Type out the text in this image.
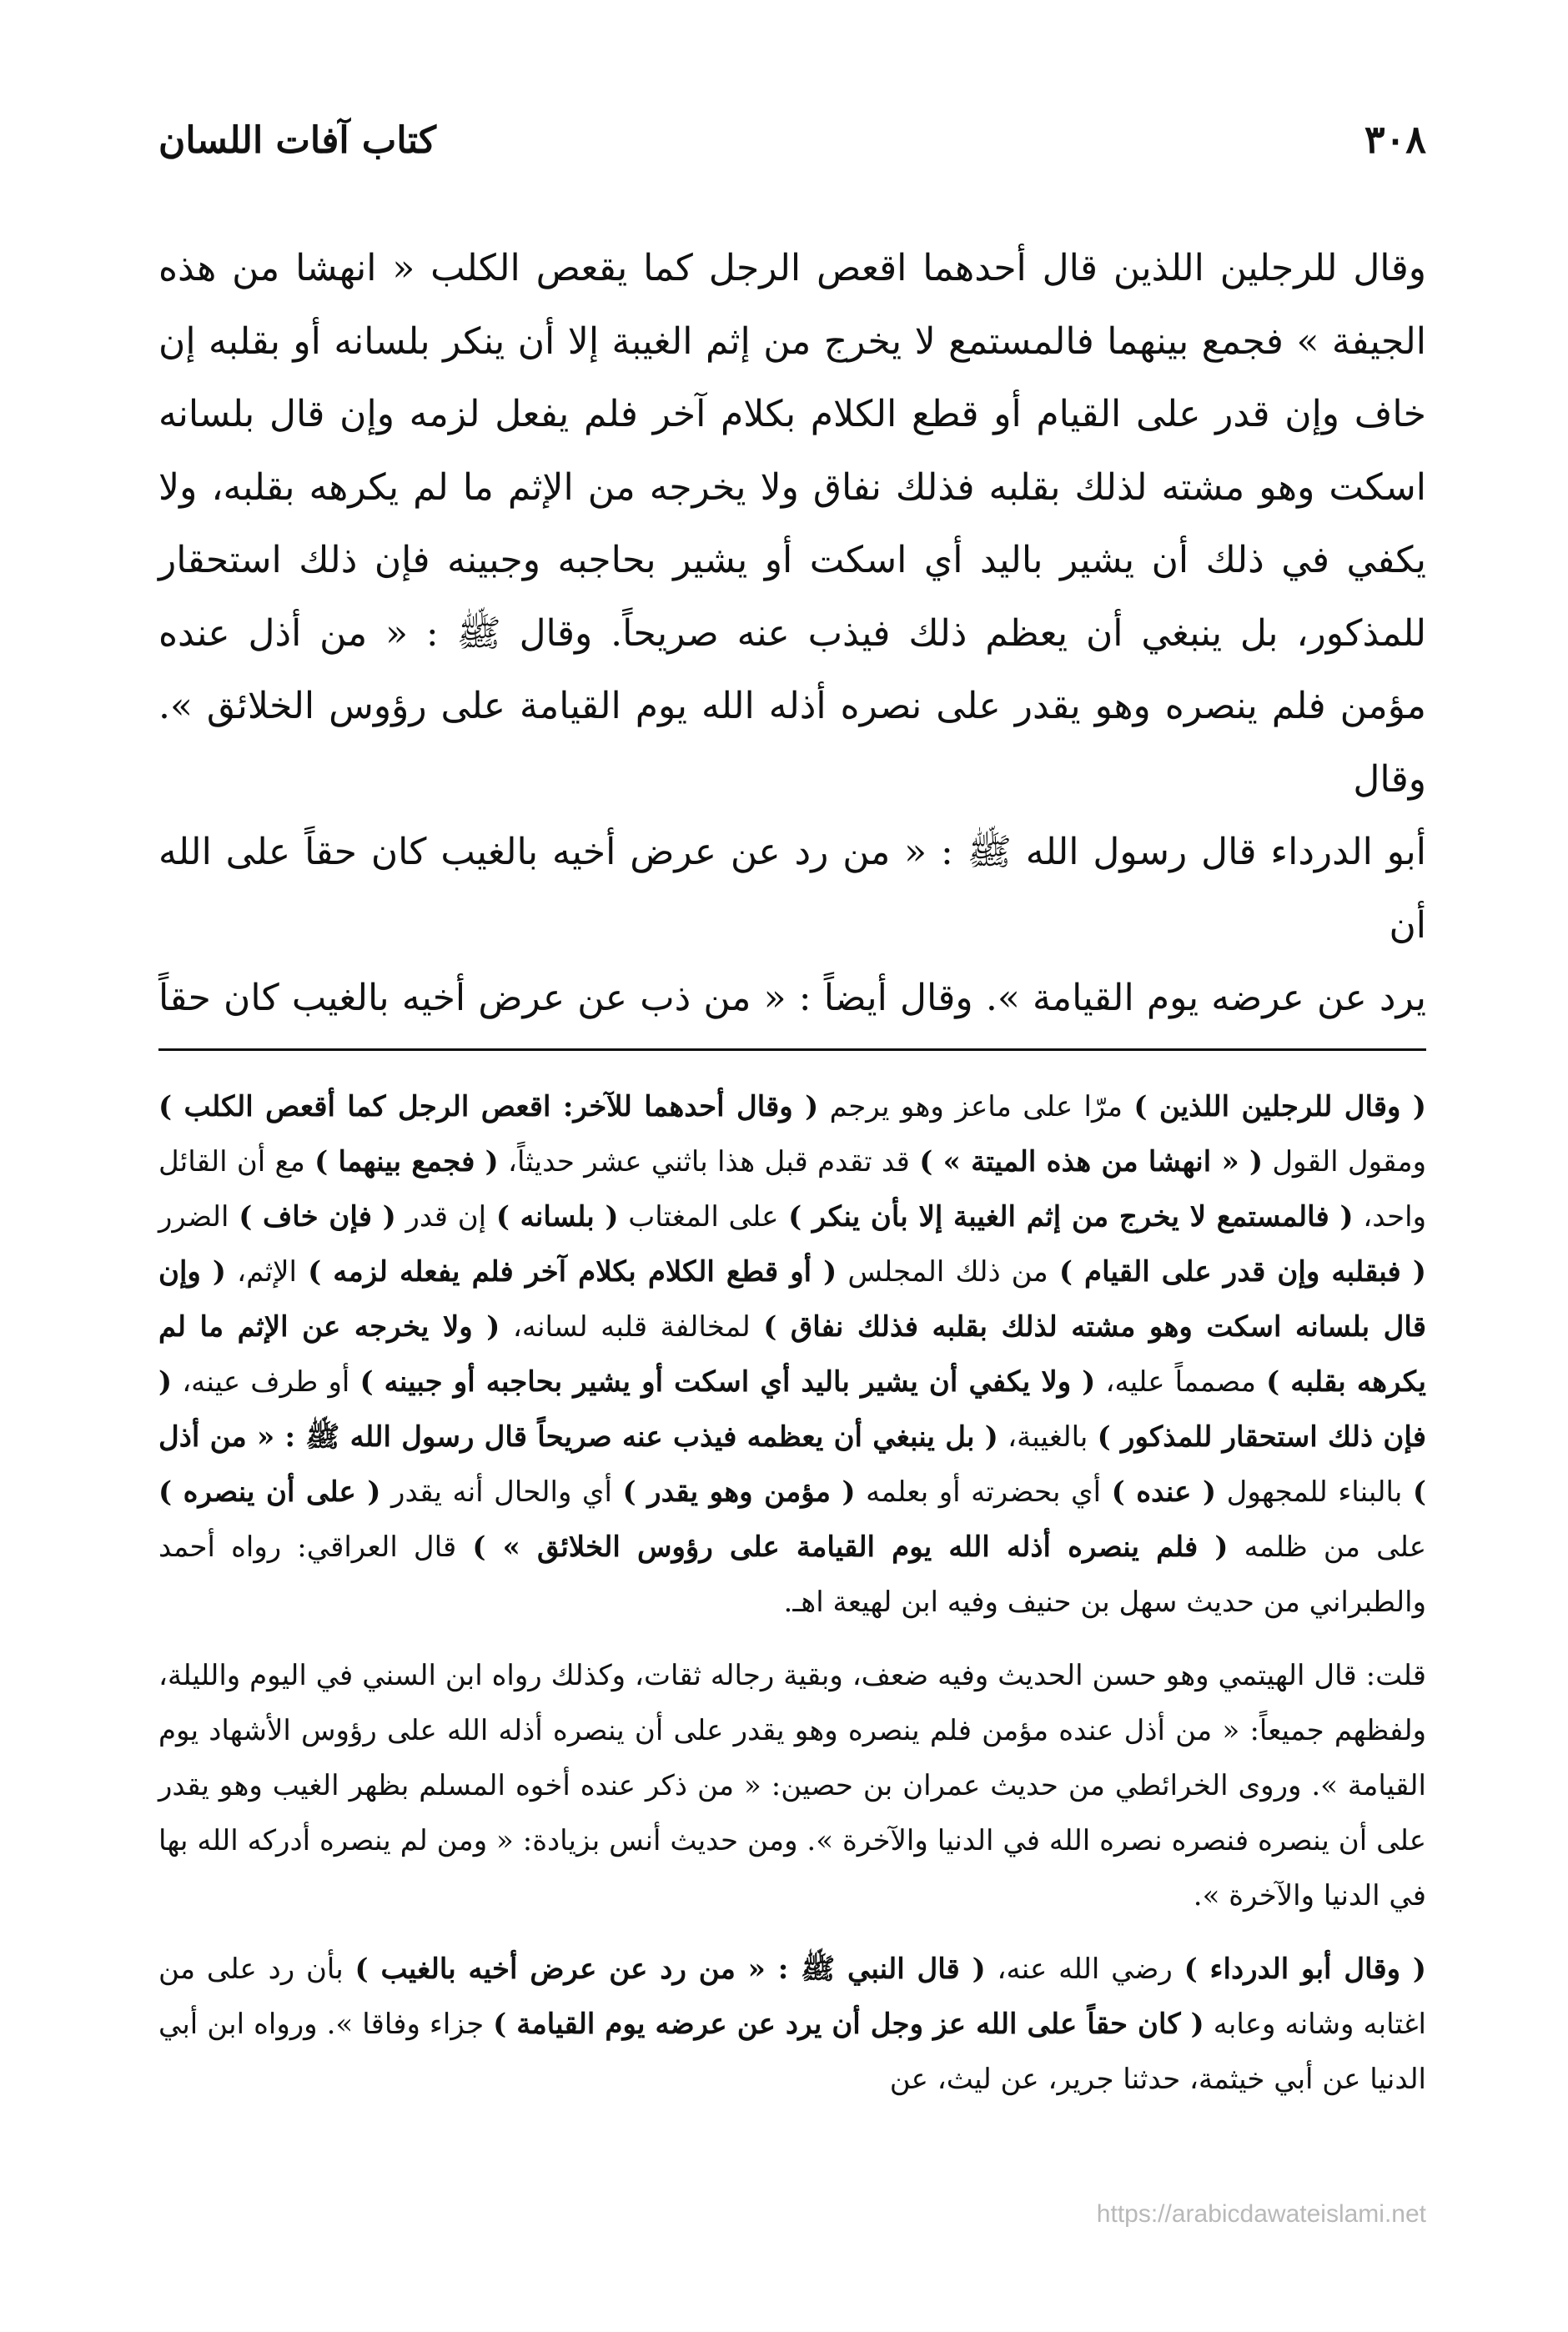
٣٠٨
كتاب آفات اللسان

وقال للرجلين اللذين قال أحدهما اقعص الرجل كما يقعص الكلب « انهشا من هذه

الجيفة » فجمع بينهما فالمستمع لا يخرج من إثم الغيبة إلا أن ينكر بلسانه أو بقلبه إن

خاف وإن قدر على القيام أو قطع الكلام بكلام آخر فلم يفعل لزمه وإن قال بلسانه

اسكت وهو مشته لذلك بقلبه فذلك نفاق ولا يخرجه من الإثم ما لم يكرهه بقلبه، ولا

يكفي في ذلك أن يشير باليد أي اسكت أو يشير بحاجبه وجبينه فإن ذلك استحقار

للمذكور، بل ينبغي أن يعظم ذلك فيذب عنه صريحاً. وقال ﷺ : « من أذل عنده

مؤمن فلم ينصره وهو يقدر على نصره أذله الله يوم القيامة على رؤوس الخلائق ». وقال

أبو الدرداء قال رسول الله ﷺ : « من رد عن عرض أخيه بالغيب كان حقاً على الله أن

يرد عن عرضه يوم القيامة ». وقال أيضاً : « من ذب عن عرض أخيه بالغيب كان حقاً

( وقال للرجلين اللذين ) مرّا على ماعز وهو يرجم ( وقال أحدهما للآخر: اقعص الرجل كما أقعص الكلب ) ومقول القول ( « انهشا من هذه الميتة » ) قد تقدم قبل هذا باثني عشر حديثاً، ( فجمع بينهما ) مع أن القائل واحد، ( فالمستمع لا يخرج من إثم الغيبة إلا بأن ينكر ) على المغتاب ( بلسانه ) إن قدر ( فإن خاف ) الضرر ( فبقلبه وإن قدر على القيام ) من ذلك المجلس ( أو قطع الكلام بكلام آخر فلم يفعله لزمه ) الإثم، ( وإن قال بلسانه اسكت وهو مشته لذلك بقلبه فذلك نفاق ) لمخالفة قلبه لسانه، ( ولا يخرجه عن الإثم ما لم يكرهه بقلبه ) مصمماً عليه، ( ولا يكفي أن يشير باليد أي اسكت أو يشير بحاجبه أو جبينه ) أو طرف عينه، ( فإن ذلك استحقار للمذكور ) بالغيبة، ( بل ينبغي أن يعظمه فيذب عنه صريحاً قال رسول الله ﷺ : « من أذل ) بالبناء للمجهول ( عنده ) أي بحضرته أو بعلمه ( مؤمن وهو يقدر ) أي والحال أنه يقدر ( على أن ينصره ) على من ظلمه ( فلم ينصره أذله الله يوم القيامة على رؤوس الخلائق » ) قال العراقي: رواه أحمد والطبراني من حديث سهل بن حنيف وفيه ابن لهيعة اهـ.

قلت: قال الهيتمي وهو حسن الحديث وفيه ضعف، وبقية رجاله ثقات، وكذلك رواه ابن السني في اليوم والليلة، ولفظهم جميعاً: « من أذل عنده مؤمن فلم ينصره وهو يقدر على أن ينصره أذله الله على رؤوس الأشهاد يوم القيامة ». وروى الخرائطي من حديث عمران بن حصين: « من ذكر عنده أخوه المسلم بظهر الغيب وهو يقدر على أن ينصره فنصره نصره الله في الدنيا والآخرة ». ومن حديث أنس بزيادة: « ومن لم ينصره أدركه الله بها في الدنيا والآخرة ».

( وقال أبو الدرداء ) رضي الله عنه، ( قال النبي ﷺ : « من رد عن عرض أخيه بالغيب ) بأن رد على من اغتابه وشانه وعابه ( كان حقاً على الله عز وجل أن يرد عن عرضه يوم القيامة ) جزاء وفاقا ». ورواه ابن أبي الدنيا عن أبي خيثمة، حدثنا جرير، عن ليث، عن

https://arabicdawateislami.net
